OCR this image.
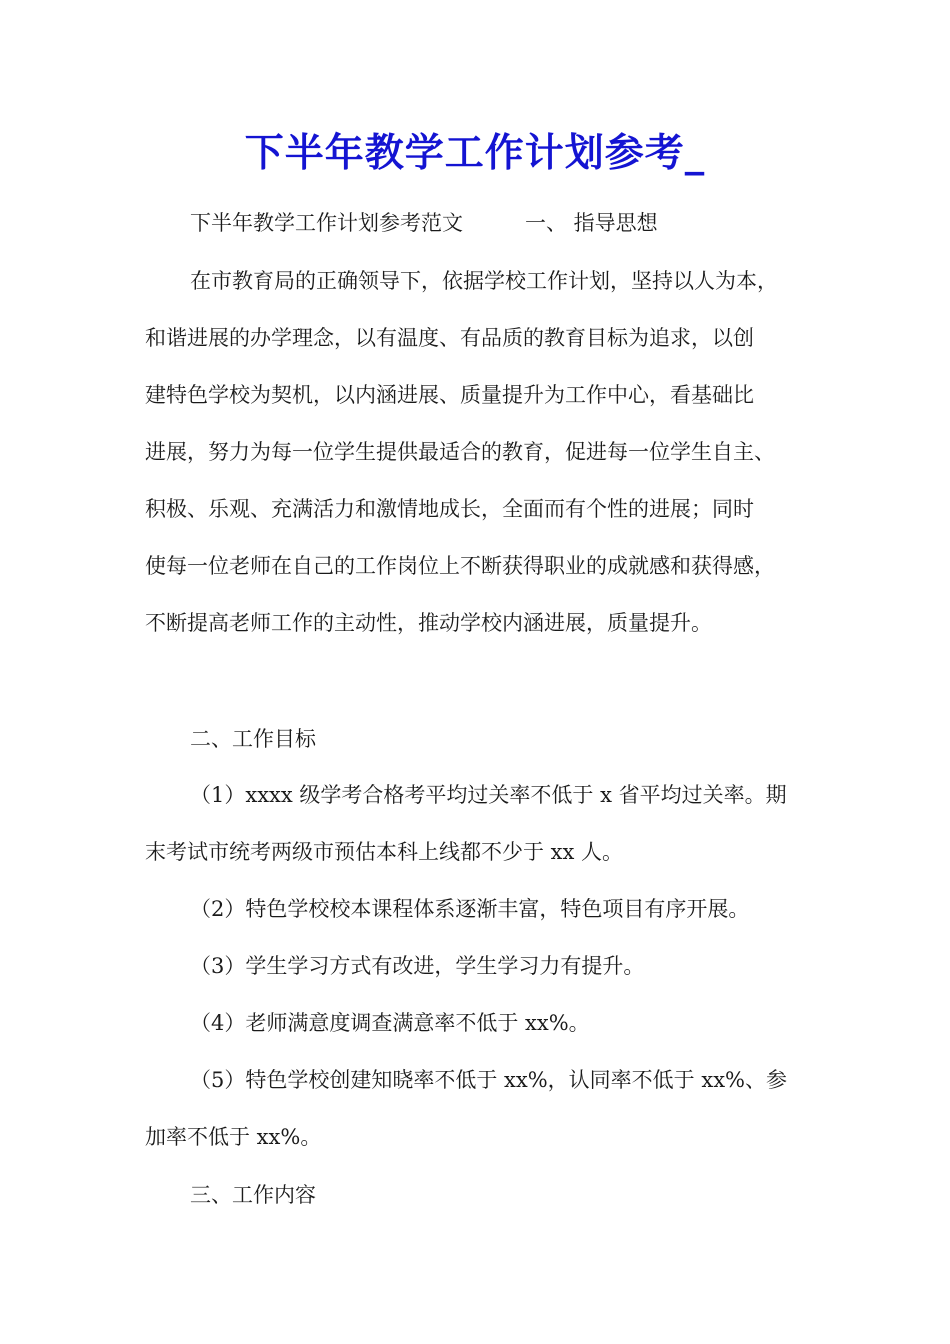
下半年教学工作计划参考_
下半年教学工作计划参考范文	一、 指导思想
在市教育局的正确领导下，依据学校工作计划，坚持以人为本，
和谐进展的办学理念，以有温度、有品质的教育目标为追求，以创
建特色学校为契机，以内涵进展、质量提升为工作中心，看基础比
进展，努力为每一位学生提供最适合的教育，促进每一位学生自主、
积极、乐观、充满活力和激情地成长，全面而有个性的进展；同时
使每一位老师在自己的工作岗位上不断获得职业的成就感和获得感，
不断提高老师工作的主动性，推动学校内涵进展，质量提升。
二、工作目标
（1）xxxx 级学考合格考平均过关率不低于 x 省平均过关率。期
末考试市统考两级市预估本科上线都不少于 xx 人。
（2）特色学校校本课程体系逐渐丰富，特色项目有序开展。
（3）学生学习方式有改进，学生学习力有提升。
（4）老师满意度调查满意率不低于 xx%。
（5）特色学校创建知晓率不低于 xx%，认同率不低于 xx%、参
加率不低于 xx%。
三、工作内容
